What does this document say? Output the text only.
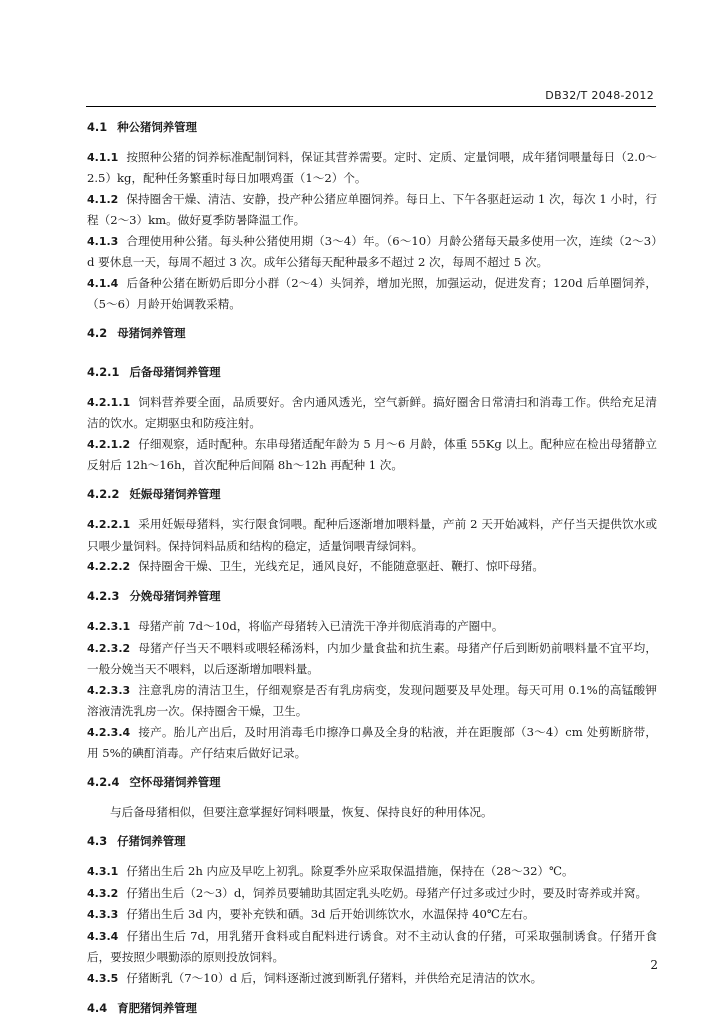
DB32/T 2048-2012

4.1 种公猪饲养管理

4.1.1 按照种公猪的饲养标准配制饲料，保证其营养需要。定时、定质、定量饲喂，成年猪饲喂量每日（2.0～2.5）kg，配种任务繁重时每日加喂鸡蛋（1～2）个。

4.1.2 保持圈舍干燥、清洁、安静，投产种公猪应单圈饲养。每日上、下午各驱赶运动 1 次，每次 1 小时，行程（2～3）km。做好夏季防暑降温工作。

4.1.3 合理使用种公猪。每头种公猪使用期（3～4）年。（6～10）月龄公猪每天最多使用一次，连续（2～3）d 要休息一天，每周不超过 3 次。成年公猪每天配种最多不超过 2 次，每周不超过 5 次。

4.1.4 后备种公猪在断奶后即分小群（2～4）头饲养，增加光照，加强运动，促进发育；120d 后单圈饲养，（5～6）月龄开始调教采精。

4.2 母猪饲养管理

4.2.1 后备母猪饲养管理

4.2.1.1 饲料营养要全面，品质要好。舍内通风透光，空气新鲜。搞好圈舍日常清扫和消毒工作。供给充足清洁的饮水。定期驱虫和防疫注射。

4.2.1.2 仔细观察，适时配种。东串母猪适配年龄为 5 月～6 月龄，体重 55Kg 以上。配种应在检出母猪静立反射后 12h～16h，首次配种后间隔 8h～12h 再配种 1 次。

4.2.2 妊娠母猪饲养管理

4.2.2.1 采用妊娠母猪料，实行限食饲喂。配种后逐渐增加喂料量，产前 2 天开始减料，产仔当天提供饮水或只喂少量饲料。保持饲料品质和结构的稳定，适量饲喂青绿饲料。

4.2.2.2 保持圈舍干燥、卫生，光线充足，通风良好，不能随意驱赶、鞭打、惊吓母猪。

4.2.3 分娩母猪饲养管理

4.2.3.1 母猪产前 7d～10d，将临产母猪转入已清洗干净并彻底消毒的产圈中。

4.2.3.2 母猪产仔当天不喂料或喂轻稀汤料，内加少量食盐和抗生素。母猪产仔后到断奶前喂料量不宜平均，一般分娩当天不喂料，以后逐渐增加喂料量。

4.2.3.3 注意乳房的清洁卫生，仔细观察是否有乳房病变，发现问题要及早处理。每天可用 0.1%的高锰酸钾溶液清洗乳房一次。保持圈舍干燥，卫生。

4.2.3.4 接产。胎儿产出后，及时用消毒毛巾擦净口鼻及全身的粘液，并在距腹部（3～4）cm 处剪断脐带，用 5%的碘酊消毒。产仔结束后做好记录。

4.2.4 空怀母猪饲养管理

与后备母猪相似，但要注意掌握好饲料喂量，恢复、保持良好的种用体况。

4.3 仔猪饲养管理

4.3.1 仔猪出生后 2h 内应及早吃上初乳。除夏季外应采取保温措施，保持在（28～32）℃。

4.3.2 仔猪出生后（2～3）d，饲养员要辅助其固定乳头吃奶。母猪产仔过多或过少时，要及时寄养或并窝。

4.3.3 仔猪出生后 3d 内，要补充铁和硒。3d 后开始训练饮水，水温保持 40℃左右。

4.3.4 仔猪出生后 7d，用乳猪开食料或自配料进行诱食。对不主动认食的仔猪，可采取强制诱食。仔猪开食后，要按照少喂勤添的原则投放饲料。

4.3.5 仔猪断乳（7～10）d 后，饲料逐渐过渡到断乳仔猪料，并供给充足清洁的饮水。

4.4 育肥猪饲养管理

2
